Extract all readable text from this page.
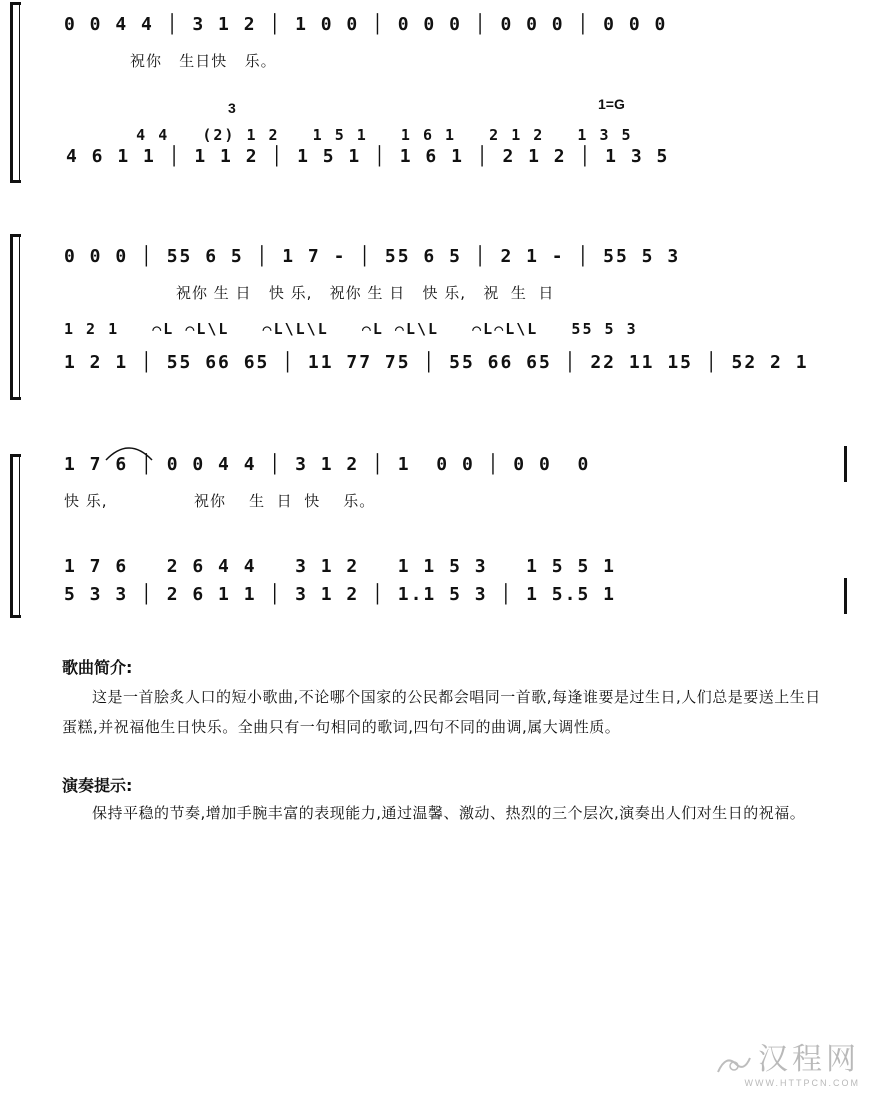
0 0 4 4 │ 3 1 2 │ 1 0 0 │ 0 0 0 │ 0 0 0 │ 0 0 0
祝你   生日快   乐。
3	1=G
4 4   (2) 1 2   1 5 1   1 6 1   2 1 2   1 3 5
4 6 1 1 │ 1 1 2 │ 1 5 1 │ 1 6 1 │ 2 1 2 │ 1 3 5
0 0 0 │ 55 6 5 │ 1 7 - │ 55 6 5 │ 2 1 - │ 55 5 3
祝你 生 日   快 乐,   祝你 生 日   快 乐,   祝  生  日
1 2 1   ⌒L ⌒L\L   ⌒L\L\L   ⌒L ⌒L\L   ⌒L⌒L\L   55 5 3
1 2 1 │ 55 66 65 │ 11 77 75 │ 55 66 65 │ 22 11 15 │ 52 2 1
1 7 6 │ 0 0 4 4 │ 3 1 2 │ 1  0 0 │ 0 0  0
快 乐,               祝你    生  日  快    乐。
1 7 6   2 6 4 4   3 1 2   1 1 5 3   1 5 5 1
5 3 3 │ 2 6 1 1 │ 3 1 2 │ 1.1 5 3 │ 1 5.5 1
歌曲简介:
这是一首脍炙人口的短小歌曲,不论哪个国家的公民都会唱同一首歌,每逢谁要是过生日,人们总是要送上生日蛋糕,并祝福他生日快乐。全曲只有一句相同的歌词,四句不同的曲调,属大调性质。
演奏提示:
保持平稳的节奏,增加手腕丰富的表现能力,通过温馨、激动、热烈的三个层次,演奏出人们对生日的祝福。
汉程网
WWW.HTTPCN.COM
